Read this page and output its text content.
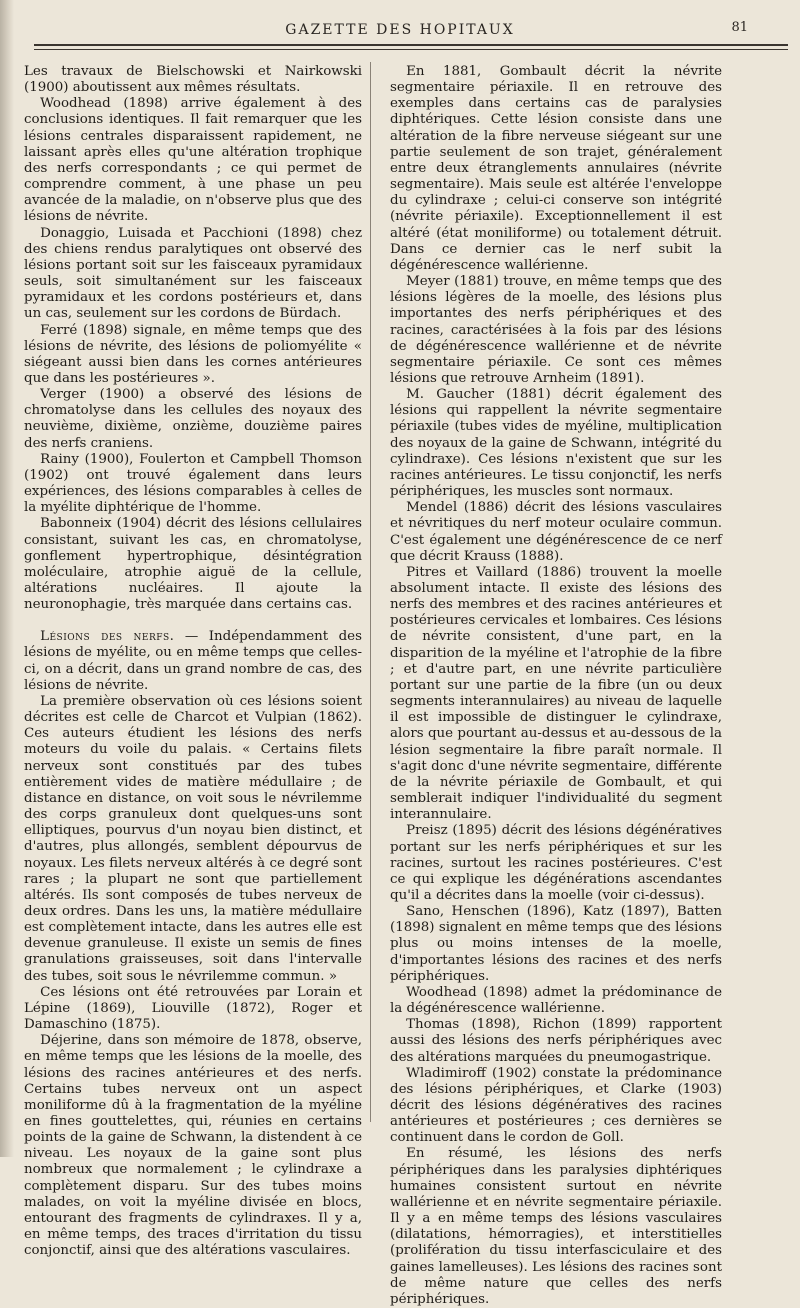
GAZETTE DES HOPITAUX	81

Les travaux de Bielschowski et Nairkowski (1900) aboutissent aux mêmes résultats.

Woodhead (1898) arrive également à des conclusions identiques. Il fait remarquer que les lésions centrales disparaissent rapidement, ne laissant après elles qu'une altération trophique des nerfs correspondants ; ce qui permet de comprendre comment, à une phase un peu avancée de la maladie, on n'observe plus que des lésions de névrite.

Donaggio, Luisada et Pacchioni (1898) chez des chiens rendus paralytiques ont observé des lésions portant soit sur les faisceaux pyramidaux seuls, soit simultanément sur les faisceaux pyramidaux et les cordons postérieurs et, dans un cas, seulement sur les cordons de Bürdach.

Ferré (1898) signale, en même temps que des lésions de névrite, des lésions de poliomyélite « siégeant aussi bien dans les cornes antérieures que dans les postérieures ».

Verger (1900) a observé des lésions de chromatolyse dans les cellules des noyaux des neuvième, dixième, onzième, douzième paires des nerfs craniens.

Rainy (1900), Foulerton et Campbell Thomson (1902) ont trouvé également dans leurs expériences, des lésions comparables à celles de la myélite diphtérique de l'homme.

Babonneix (1904) décrit des lésions cellulaires consistant, suivant les cas, en chromatolyse, gonflement hypertrophique, désintégration moléculaire, atrophie aiguë de la cellule, altérations nucléaires. Il ajoute la neuronophagie, très marquée dans certains cas.

Lésions des nerfs. — Indépendamment des lésions de myélite, ou en même temps que celles-ci, on a décrit, dans un grand nombre de cas, des lésions de névrite.

La première observation où ces lésions soient décrites est celle de Charcot et Vulpian (1862). Ces auteurs étudient les lésions des nerfs moteurs du voile du palais. « Certains filets nerveux sont constitués par des tubes entièrement vides de matière médullaire ; de distance en distance, on voit sous le névrilemme des corps granuleux dont quelques-uns sont elliptiques, pourvus d'un noyau bien distinct, et d'autres, plus allongés, semblent dépourvus de noyaux. Les filets nerveux altérés à ce degré sont rares ; la plupart ne sont que partiellement altérés. Ils sont composés de tubes nerveux de deux ordres. Dans les uns, la matière médullaire est complètement intacte, dans les autres elle est devenue granuleuse. Il existe un semis de fines granulations graisseuses, soit dans l'intervalle des tubes, soit sous le névrilemme commun. »

Ces lésions ont été retrouvées par Lorain et Lépine (1869), Liouville (1872), Roger et Damaschino (1875).

Déjerine, dans son mémoire de 1878, observe, en même temps que les lésions de la moelle, des lésions des racines antérieures et des nerfs. Certains tubes nerveux ont un aspect moniliforme dû à la fragmentation de la myéline en fines gouttelettes, qui, réunies en certains points de la gaine de Schwann, la distendent à ce niveau. Les noyaux de la gaine sont plus nombreux que normalement ; le cylindraxe a complètement disparu. Sur des tubes moins malades, on voit la myéline divisée en blocs, entourant des fragments de cylindraxes. Il y a, en même temps, des traces d'irritation du tissu conjonctif, ainsi que des altérations vasculaires.

En 1881, Gombault décrit la névrite segmentaire périaxile. Il en retrouve des exemples dans certains cas de paralysies diphtériques. Cette lésion consiste dans une altération de la fibre nerveuse siégeant sur une partie seulement de son trajet, généralement entre deux étranglements annulaires (névrite segmentaire). Mais seule est altérée l'enveloppe du cylindraxe ; celui-ci conserve son intégrité (névrite périaxile). Exceptionnellement il est altéré (état moniliforme) ou totalement détruit. Dans ce dernier cas le nerf subit la dégénérescence wallérienne.

Meyer (1881) trouve, en même temps que des lésions légères de la moelle, des lésions plus importantes des nerfs périphériques et des racines, caractérisées à la fois par des lésions de dégénérescence wallérienne et de névrite segmentaire périaxile. Ce sont ces mêmes lésions que retrouve Arnheim (1891).

M. Gaucher (1881) décrit également des lésions qui rappellent la névrite segmentaire périaxile (tubes vides de myéline, multiplication des noyaux de la gaine de Schwann, intégrité du cylindraxe). Ces lésions n'existent que sur les racines antérieures. Le tissu conjonctif, les nerfs périphériques, les muscles sont normaux.

Mendel (1886) décrit des lésions vasculaires et névritiques du nerf moteur oculaire commun. C'est également une dégénérescence de ce nerf que décrit Krauss (1888).

Pitres et Vaillard (1886) trouvent la moelle absolument intacte. Il existe des lésions des nerfs des membres et des racines antérieures et postérieures cervicales et lombaires. Ces lésions de névrite consistent, d'une part, en la disparition de la myéline et l'atrophie de la fibre ; et d'autre part, en une névrite particulière portant sur une partie de la fibre (un ou deux segments interannulaires) au niveau de laquelle il est impossible de distinguer le cylindraxe, alors que pourtant au-dessus et au-dessous de la lésion segmentaire la fibre paraît normale. Il s'agit donc d'une névrite segmentaire, différente de la névrite périaxile de Gombault, et qui semblerait indiquer l'individualité du segment interannulaire.

Preisz (1895) décrit des lésions dégénératives portant sur les nerfs périphériques et sur les racines, surtout les racines postérieures. C'est ce qui explique les dégénérations ascendantes qu'il a décrites dans la moelle (voir ci-dessus).

Sano, Henschen (1896), Katz (1897), Batten (1898) signalent en même temps que des lésions plus ou moins intenses de la moelle, d'importantes lésions des racines et des nerfs périphériques.

Woodhead (1898) admet la prédominance de la dégénérescence wallérienne.

Thomas (1898), Richon (1899) rapportent aussi des lésions des nerfs périphériques avec des altérations marquées du pneumogastrique.

Wladimiroff (1902) constate la prédominance des lésions périphériques, et Clarke (1903) décrit des lésions dégénératives des racines antérieures et postérieures ; ces dernières se continuent dans le cordon de Goll.

En résumé, les lésions des nerfs périphériques dans les paralysies diphtériques humaines consistent surtout en névrite wallérienne et en névrite segmentaire périaxile. Il y a en même temps des lésions vasculaires (dilatations, hémorragies), et interstitielles (prolifération du tissu interfasciculaire et des gaines lamelleuses). Les lésions des racines sont de même nature que celles des nerfs périphériques.
